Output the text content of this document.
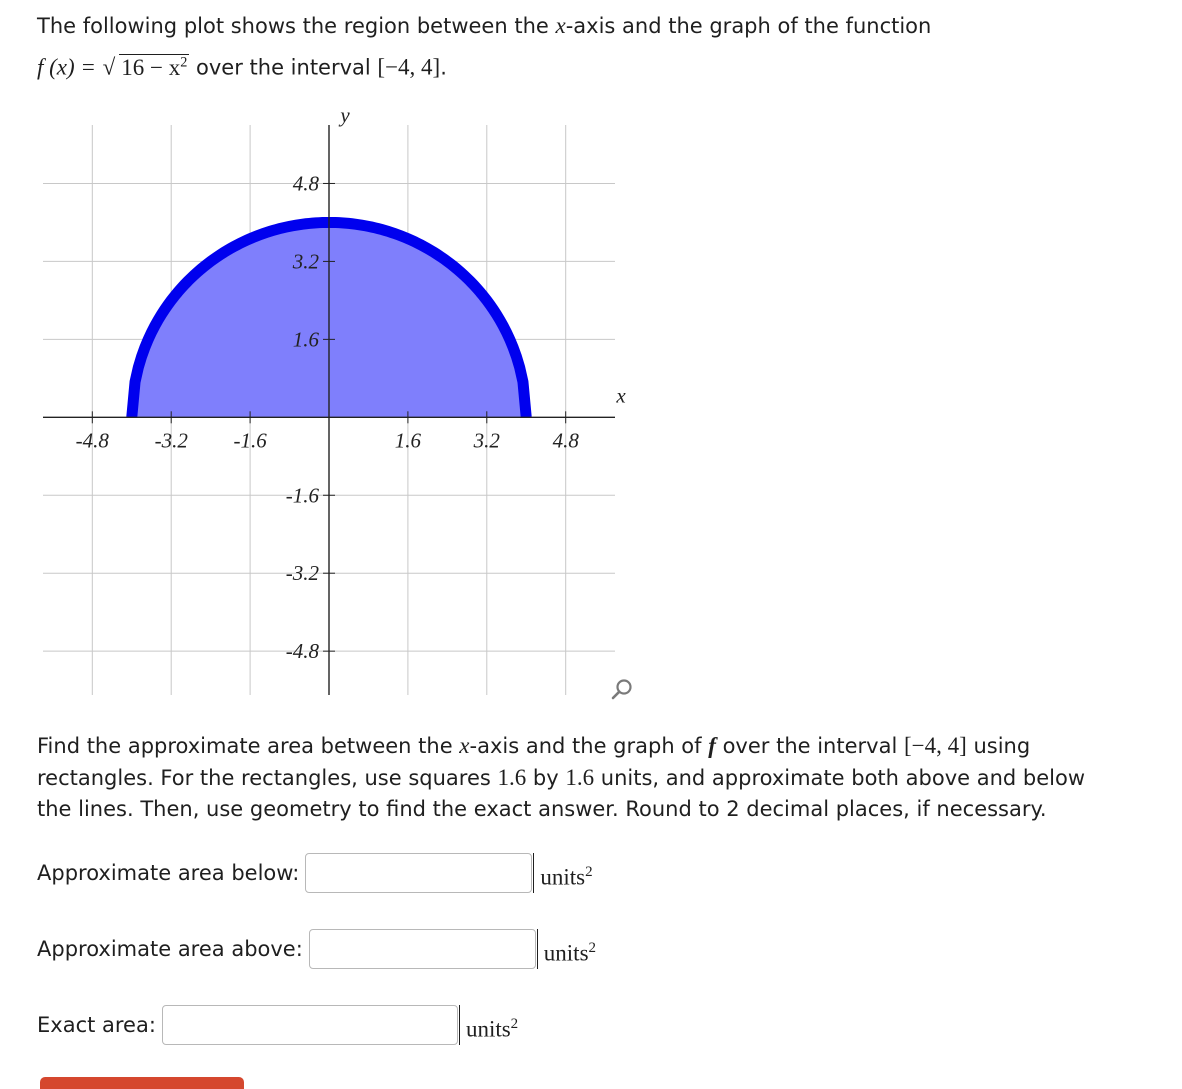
The following plot shows the region between the x-axis and the graph of the function
f (x) = √ $16 - x^2$ over the interval [−4, 4].
-4.8 -3.2 -1.6	1.6	3.2	4.8
4.8
3.2
1.6
-1.6
-3.2
-4.8
x
y
Find the approximate area between the x-axis and the graph of f over the interval [−4, 4] using rectangles. For the rectangles, use squares 1.6 by 1.6 units, and approximate both above and below the lines. Then, use geometry to find the exact answer. Round to 2 decimal places, if necessary.
Approximate area below:	units$^2$
Approximate area above:	units$^2$
Exact area:	units$^2$
